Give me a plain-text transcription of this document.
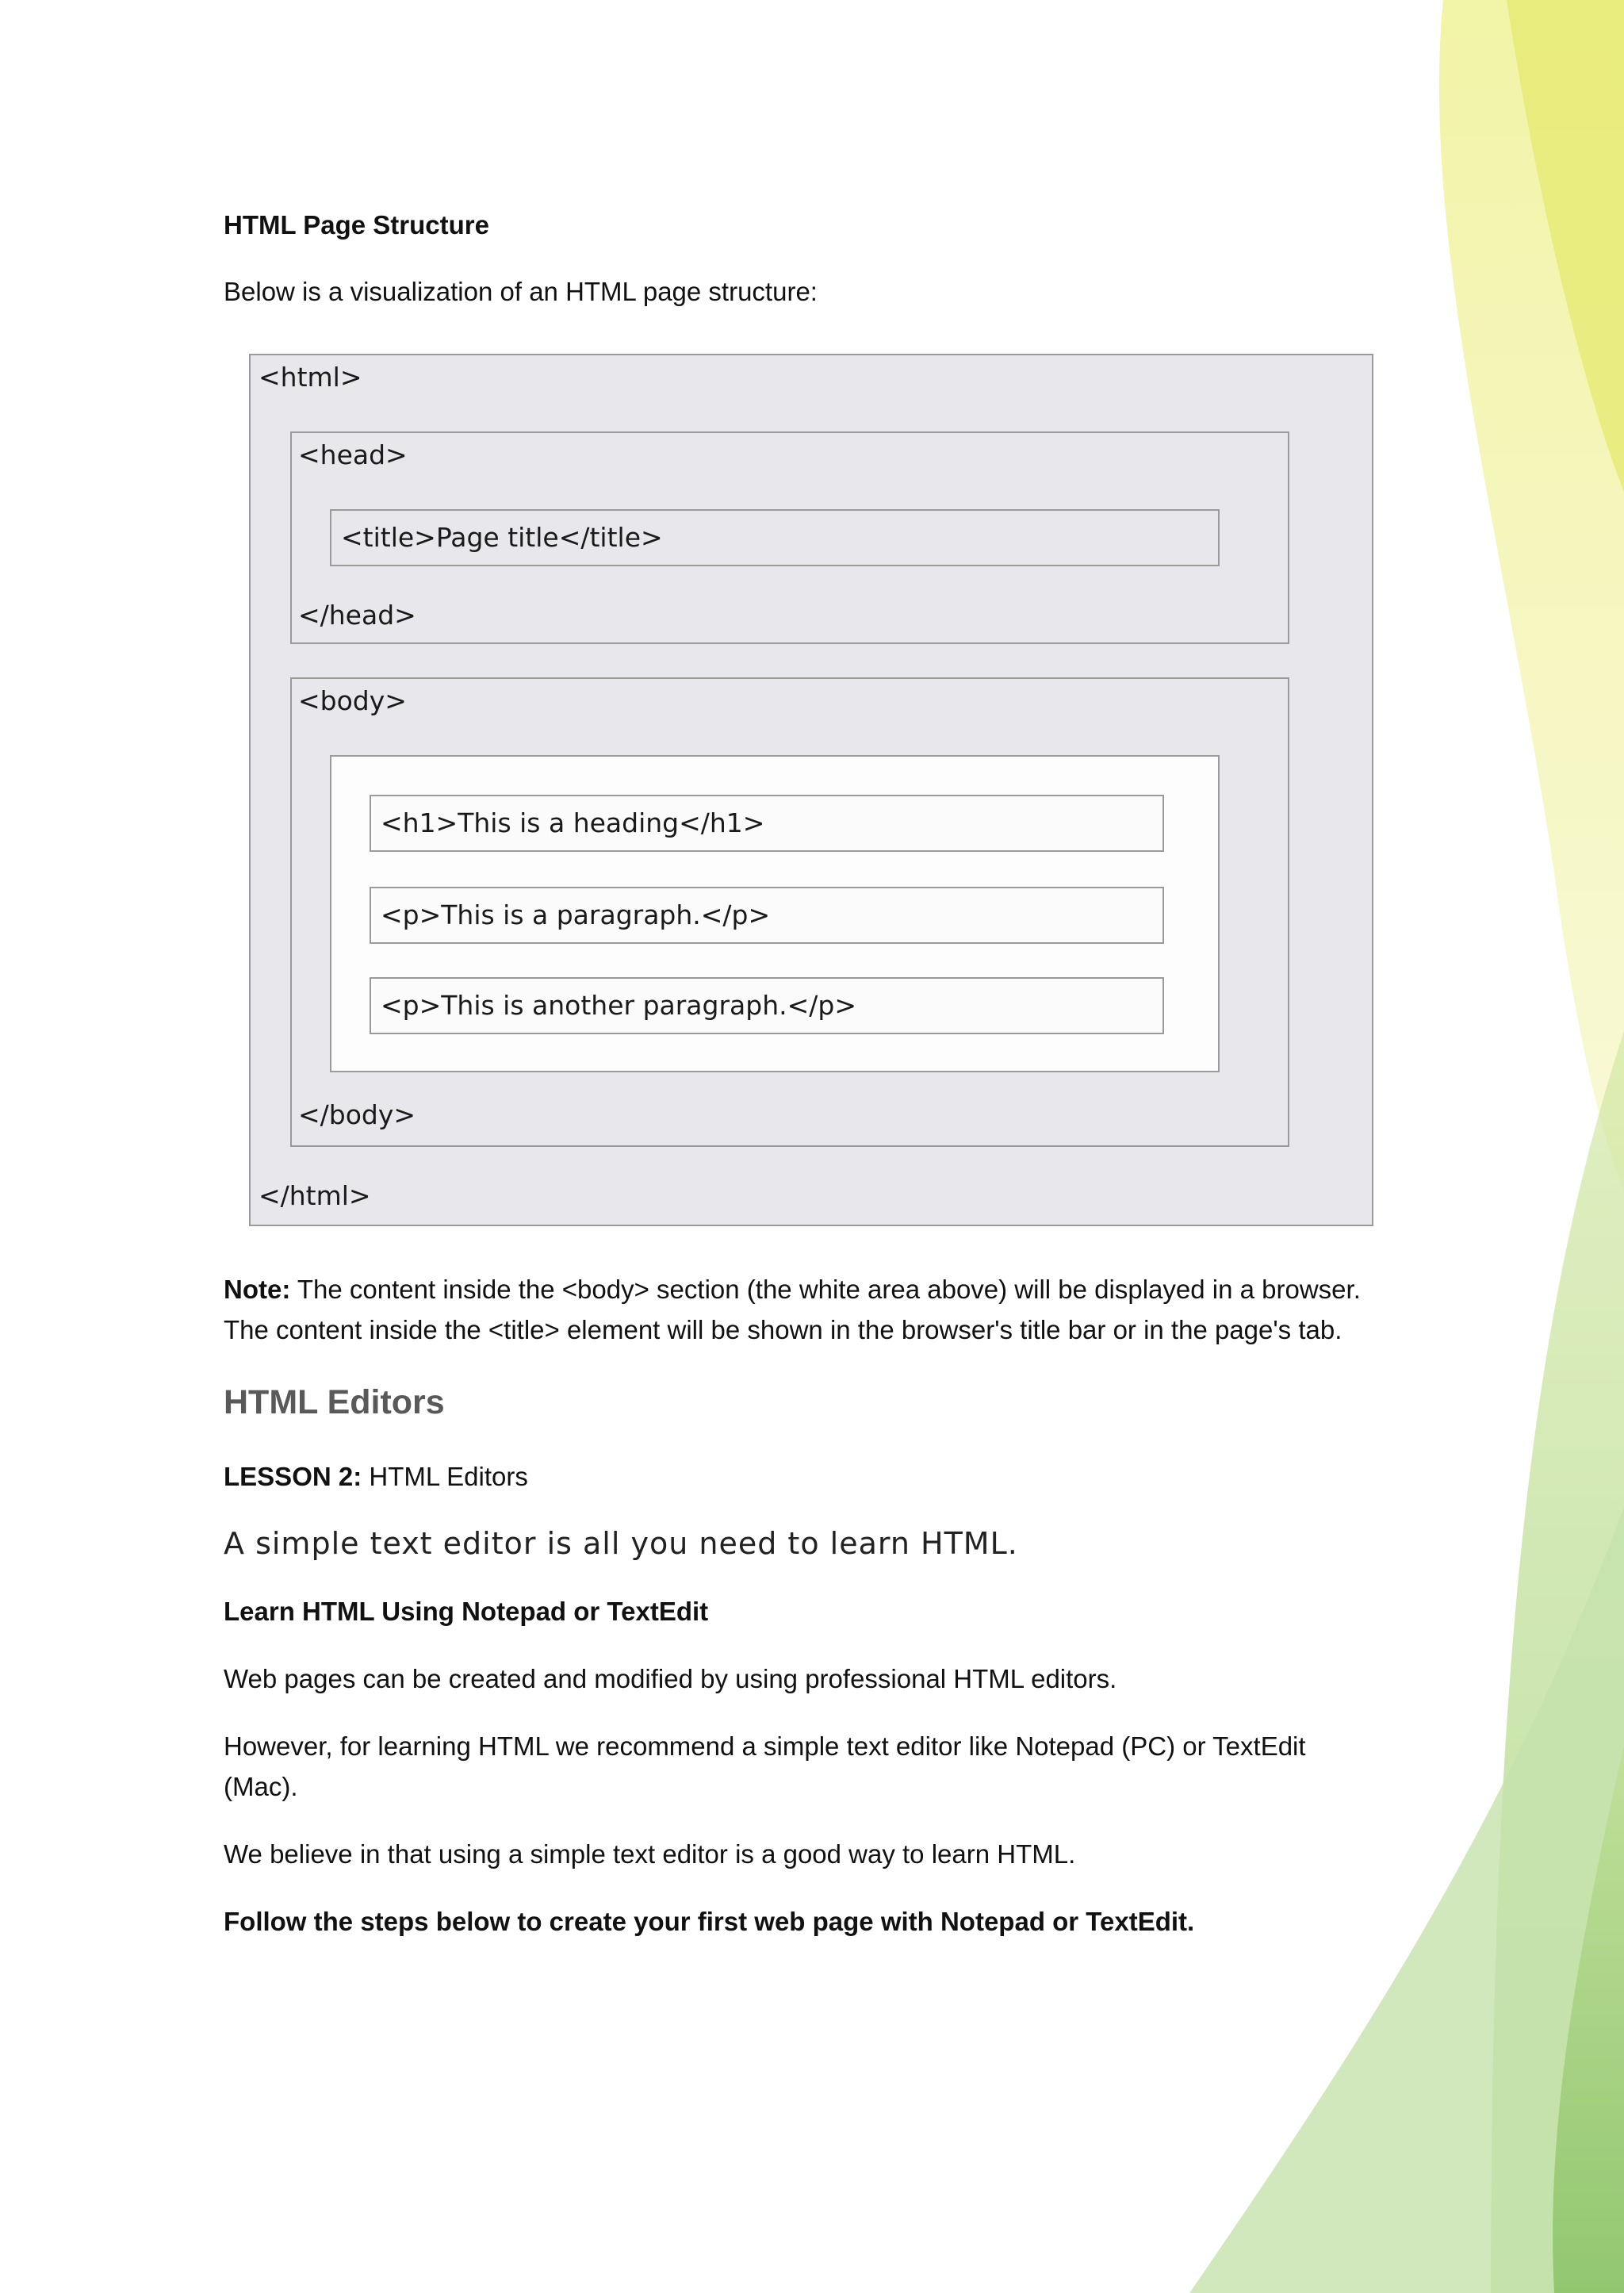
HTML Page Structure

Below is a visualization of an HTML page structure:

<html>
<head>
<title>Page title</title>
</head>
<body>
<h1>This is a heading</h1>
<p>This is a paragraph.</p>
<p>This is another paragraph.</p>
</body>
</html>

Note: The content inside the <body> section (the white area above) will be displayed in a browser.

The content inside the <title> element will be shown in the browser's title bar or in the page's tab.

HTML Editors

LESSON 2: HTML Editors

A simple text editor is all you need to learn HTML.

Learn HTML Using Notepad or TextEdit

Web pages can be created and modified by using professional HTML editors.

However, for learning HTML we recommend a simple text editor like Notepad (PC) or TextEdit

(Mac).

We believe in that using a simple text editor is a good way to learn HTML.

Follow the steps below to create your first web page with Notepad or TextEdit.
